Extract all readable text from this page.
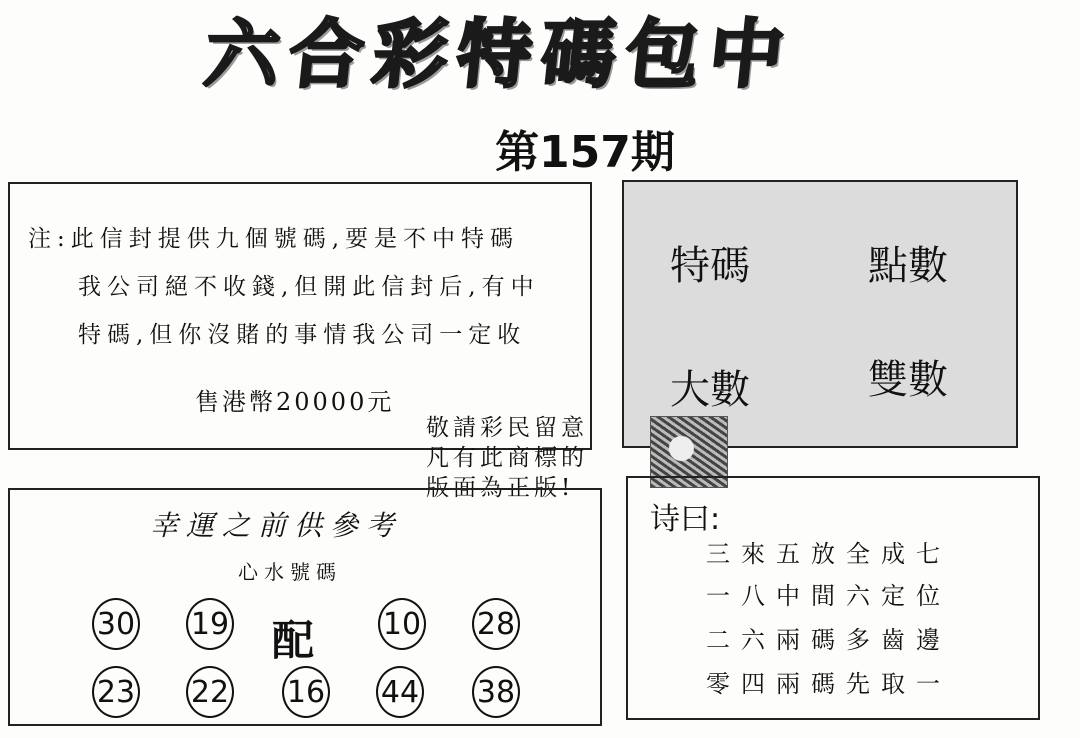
六合彩特碼包中
第157期
注:此信封提供九個號碼,要是不中特碼
我公司絕不收錢,但開此信封后,有中
特碼,但你沒賭的事情我公司一定收
售港幣20000元
特碼	點數
大數	雙數
敬請彩民留意
凡有此商標的
版面為正版!
幸運之前供參考
心水號碼
30 19 配 10 28
23 22 16 44 38
诗曰:
三來五放全成七
一八中間六定位
二六兩碼多齒邊
零四兩碼先取一
